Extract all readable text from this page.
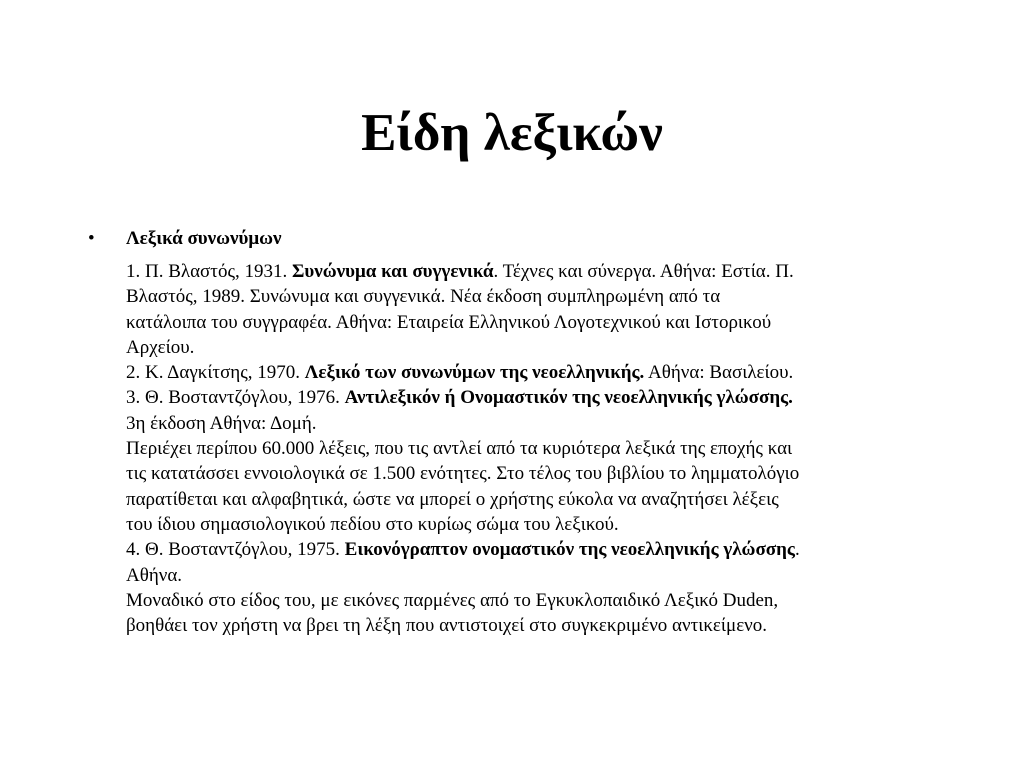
Είδη λεξικών
•	Λεξικά συνωνύμων
1. Π. Βλαστός, 1931. Συνώνυμα και συγγενικά. Τέχνες και σύνεργα. Αθήνα: Εστία. Π.
Βλαστός, 1989. Συνώνυμα και συγγενικά. Νέα έκδοση συμπληρωμένη από τα
κατάλοιπα του συγγραφέα. Αθήνα: Εταιρεία Ελληνικού Λογοτεχνικού και Ιστορικού
Αρχείου.
2. Κ. Δαγκίτσης, 1970. Λεξικό των συνωνύμων της νεοελληνικής. Αθήνα: Βασιλείου.
3. Θ. Βοσταντζόγλου, 1976. Αντιλεξικόν ή Ονομαστικόν της νεοελληνικής γλώσσης.
3η έκδοση Αθήνα: Δομή.
Περιέχει περίπου 60.000 λέξεις, που τις αντλεί από τα κυριότερα λεξικά της εποχής και
τις κατατάσσει εννοιολογικά σε 1.500 ενότητες. Στο τέλος του βιβλίου το λημματολόγιο
παρατίθεται και αλφαβητικά, ώστε να μπορεί ο χρήστης εύκολα να αναζητήσει λέξεις
του ίδιου σημασιολογικού πεδίου στο κυρίως σώμα του λεξικού.
4. Θ. Βοσταντζόγλου, 1975. Εικονόγραπτον ονομαστικόν της νεοελληνικής γλώσσης.
Αθήνα.
Μοναδικό στο είδος του, με εικόνες παρμένες από το Εγκυκλοπαιδικό Λεξικό Duden,
βοηθάει τον χρήστη να βρει τη λέξη που αντιστοιχεί στο συγκεκριμένο αντικείμενο.
